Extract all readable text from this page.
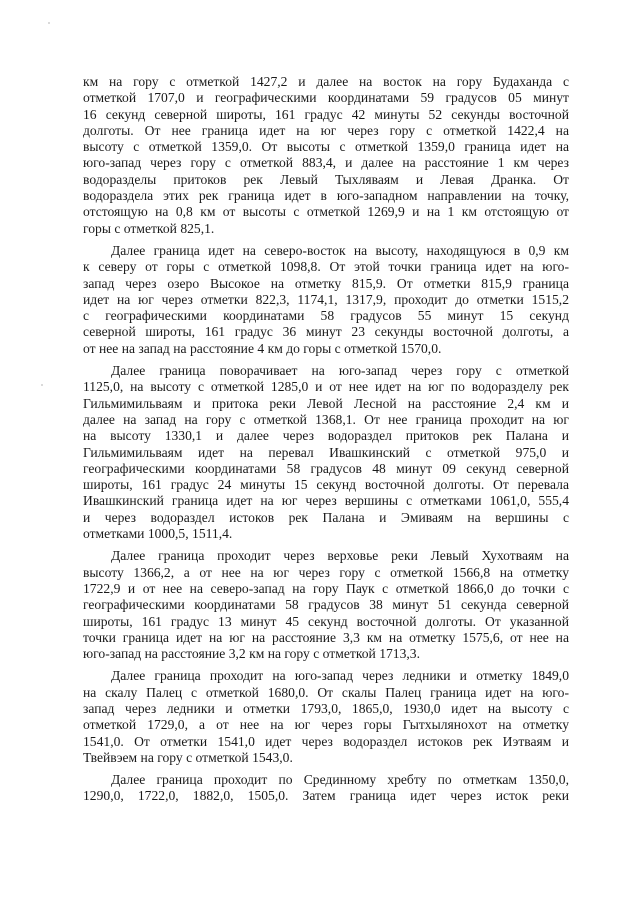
км на гору с отметкой 1427,2 и далее на восток на гору Будаханда с
отметкой 1707,0 и географическими координатами 59 градусов 05 минут
16 секунд северной широты, 161 градус 42 минуты 52 секунды восточной
долготы. От нее граница идет на юг через гору с отметкой 1422,4 на
высоту с отметкой 1359,0. От высоты с отметкой 1359,0 граница идет на
юго-запад через гору с отметкой 883,4, и далее на расстояние 1 км через
водоразделы притоков рек Левый Тыхляваям и Левая Дранка. От
водораздела этих рек граница идет в юго-западном направлении на точку,
отстоящую на 0,8 км от высоты с отметкой 1269,9 и на 1 км отстоящую от
горы с отметкой 825,1.

Далее граница идет на северо-восток на высоту, находящуюся в 0,9 км
к северу от горы с отметкой 1098,8. От этой точки граница идет на юго-
запад через озеро Высокое на отметку 815,9. От отметки 815,9 граница
идет на юг через отметки 822,3, 1174,1, 1317,9, проходит до отметки 1515,2
с географическими координатами 58 градусов 55 минут 15 секунд
северной широты, 161 градус 36 минут 23 секунды восточной долготы, а
от нее на запад на расстояние 4 км до горы с отметкой 1570,0.

Далее граница поворачивает на юго-запад через гору с отметкой
1125,0, на высоту с отметкой 1285,0 и от нее идет на юг по водоразделу рек
Гильмимильваям и притока реки Левой Лесной на расстояние 2,4 км и
далее на запад на гору с отметкой 1368,1. От нее граница проходит на юг
на высоту 1330,1 и далее через водораздел притоков рек Палана и
Гильмимильваям идет на перевал Ивашкинский с отметкой 975,0 и
географическими координатами 58 градусов 48 минут 09 секунд северной
широты, 161 градус 24 минуты 15 секунд восточной долготы. От перевала
Ивашкинский граница идет на юг через вершины с отметками 1061,0, 555,4
и через водораздел истоков рек Палана и Эмиваям на вершины с
отметками 1000,5, 1511,4.

Далее граница проходит через верховье реки Левый Хухотваям на
высоту 1366,2, а от нее на юг через гору с отметкой 1566,8 на отметку
1722,9 и от нее на северо-запад на гору Паук с отметкой 1866,0 до точки с
географическими координатами 58 градусов 38 минут 51 секунда северной
широты, 161 градус 13 минут 45 секунд восточной долготы. От указанной
точки граница идет на юг на расстояние 3,3 км на отметку 1575,6, от нее на
юго-запад на расстояние 3,2 км на гору с отметкой 1713,3.

Далее граница проходит на юго-запад через ледники и отметку 1849,0
на скалу Палец с отметкой 1680,0. От скалы Палец граница идет на юго-
запад через ледники и отметки 1793,0, 1865,0, 1930,0 идет на высоту с
отметкой 1729,0, а от нее на юг через горы Гытхыляноxот на отметку
1541,0. От отметки 1541,0 идет через водораздел истоков рек Иэтваям и
Твейвэем на гору с отметкой 1543,0.

Далее граница проходит по Срединному хребту по отметкам 1350,0,
1290,0, 1722,0, 1882,0, 1505,0. Затем граница идет через исток реки
